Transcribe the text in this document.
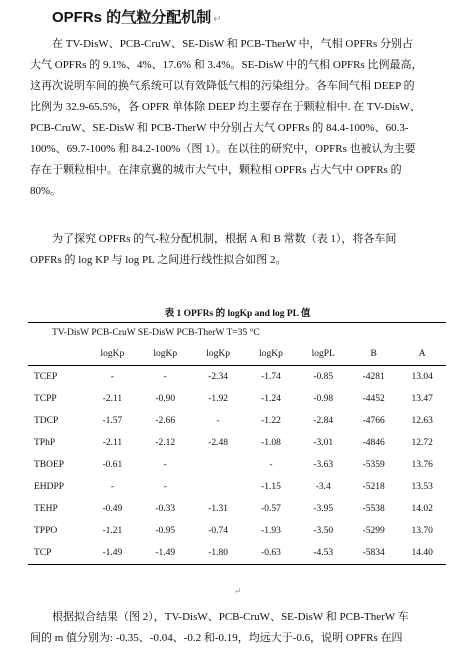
OPFRs 的气粒分配机制 ↵

在 TV-DisW、PCB-CruW、SE-DisW 和 PCB-TherW 中，气相 OPFRs 分别占
大气 OPFRs 的 9.1%、4%、17.6% 和 3.4%。SE-DisW 中的气相 OPFRs 比例最高，
这再次说明车间的换气系统可以有效降低气相的污染组分。各车间气相 DEEP 的
比例为 32.9-65.5%，各 OPFR 单体除 DEEP 均主要存在于颗粒相中. 在 TV-DisW、
PCB-CruW、SE-DisW 和 PCB-TherW 中分别占大气 OPFRs 的 84.4-100%、60.3-
100%、69.7-100% 和 84.2-100%（图 1）。在以往的研究中，OPFRs 也被认为主要
存在于颗粒相中。在津京冀的城市大气中，颗粒相 OPFRs 占大气中 OPFRs 的
80%。

为了探究 OPFRs 的气-粒分配机制，根据 A 和 B 常数（表 1），将各车间
OPFRs 的 log KP 与 log PL 之间进行线性拟合如图 2。

表 1 OPFRs 的 logKp and log PL 值
TV-DisW PCB-CruW SE-DisW PCB-TherW T=35 °C							
	logKp	logKp	logKp	logKp	logPL	B	A
TCEP	-	-	-2.34	-1.74	-0.85	-4281	13.04
TCPP	-2.11	-0.90	-1.92	-1.24	-0.98	-4452	13.47
TDCP	-1.57	-2.66	-	-1.22	-2.84	-4766	12.63
TPhP	-2.11	-2.12	-2.48	-1.08	-3.01	-4846	12.72
TBOEP	-0.61	-		-	-3.63	-5359	13.76
EHDPP	-	-		-1.15	-3.4	-5218	13.53
TEHP	-0.49	-0.33	-1.31	-0.57	-3.95	-5538	14.02
TPPO	-1.21	-0.95	-0.74	-1.93	-3.50	-5299	13.70
TCP	-1.49	-1.49	-1.80	-0.63	-4.53	-5834	14.40
↵

根据拟合结果（图 2），TV-DisW、PCB-CruW、SE-DisW 和 PCB-TherW 车
间的 m 值分别为: -0.35、-0.04、-0.2 和-0.19，均远大于-0.6，说明 OPFRs 在四
